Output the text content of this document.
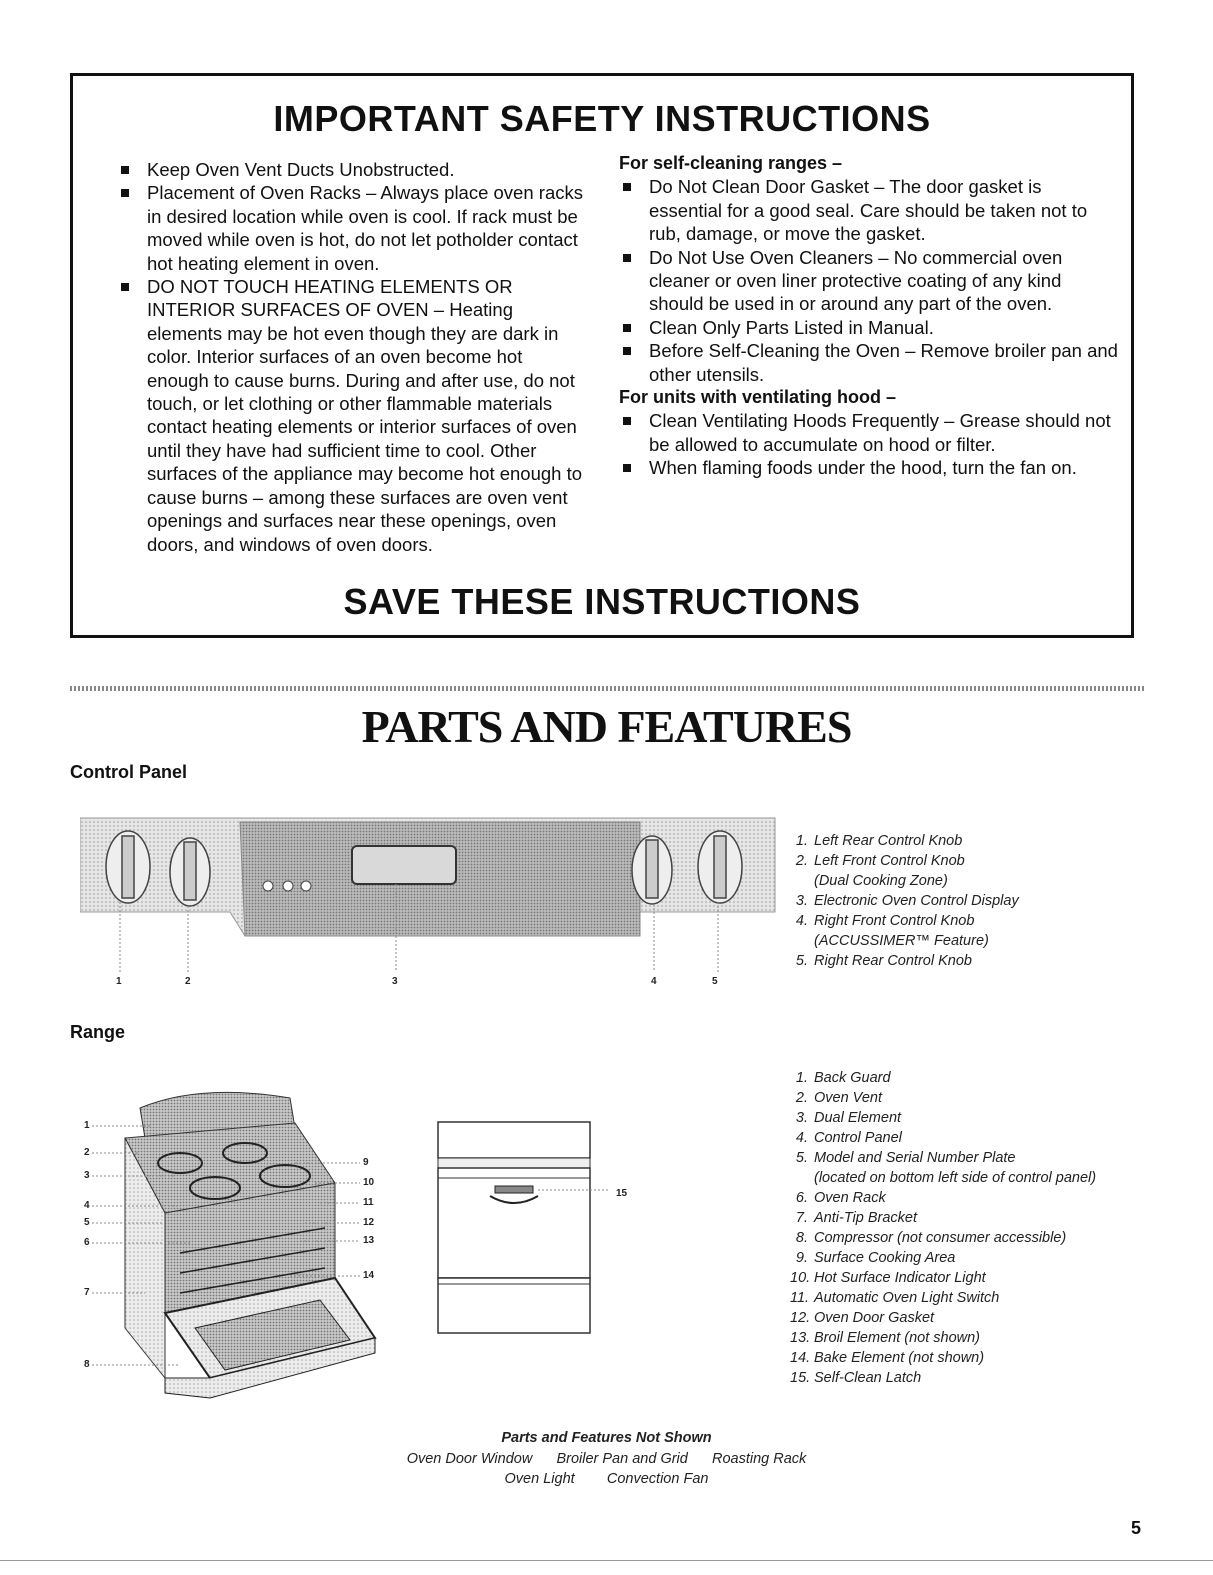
IMPORTANT SAFETY INSTRUCTIONS
Keep Oven Vent Ducts Unobstructed.
Placement of Oven Racks – Always place oven racks in desired location while oven is cool. If rack must be moved while oven is hot, do not let potholder contact hot heating element in oven.
DO NOT TOUCH HEATING ELEMENTS OR INTERIOR SURFACES OF OVEN – Heating elements may be hot even though they are dark in color. Interior surfaces of an oven become hot enough to cause burns. During and after use, do not touch, or let clothing or other flammable materials contact heating elements or interior surfaces of oven until they have had sufficient time to cool. Other surfaces of the appliance may become hot enough to cause burns – among these surfaces are oven vent openings and surfaces near these openings, oven doors, and windows of oven doors.

For self-cleaning ranges –

Do Not Clean Door Gasket – The door gasket is essential for a good seal. Care should be taken not to rub, damage, or move the gasket.
Do Not Use Oven Cleaners – No commercial oven cleaner or oven liner protective coating of any kind should be used in or around any part of the oven.
Clean Only Parts Listed in Manual.
Before Self-Cleaning the Oven – Remove broiler pan and other utensils.

For units with ventilating hood –

Clean Ventilating Hoods Frequently – Grease should not be allowed to accumulate on hood or filter.
When flaming foods under the hood, turn the fan on.
SAVE THESE INSTRUCTIONS
PARTS AND FEATURES
Control Panel
1	2	3	4	5
1. Left Rear Control Knob
2. Left Front Control Knob
(Dual Cooking Zone)
3. Electronic Oven Control Display
4. Right Front Control Knob
(ACCUSSIMER™ Feature)
5. Right Rear Control Knob
Range
1
2
3
4
5
6
7
8
9
10
11
12
13
14
15
1. Back Guard
2. Oven Vent
3. Dual Element
4. Control Panel
5. Model and Serial Number Plate
(located on bottom left side of control panel)
6. Oven Rack
7. Anti-Tip Bracket
8. Compressor (not consumer accessible)
9. Surface Cooking Area
10. Hot Surface Indicator Light
11. Automatic Oven Light Switch
12. Oven Door Gasket
13. Broil Element (not shown)
14. Bake Element (not shown)
15. Self-Clean Latch
Parts and Features Not Shown
Oven Door Window      Broiler Pan and Grid      Roasting Rack
Oven Light        Convection Fan
5
